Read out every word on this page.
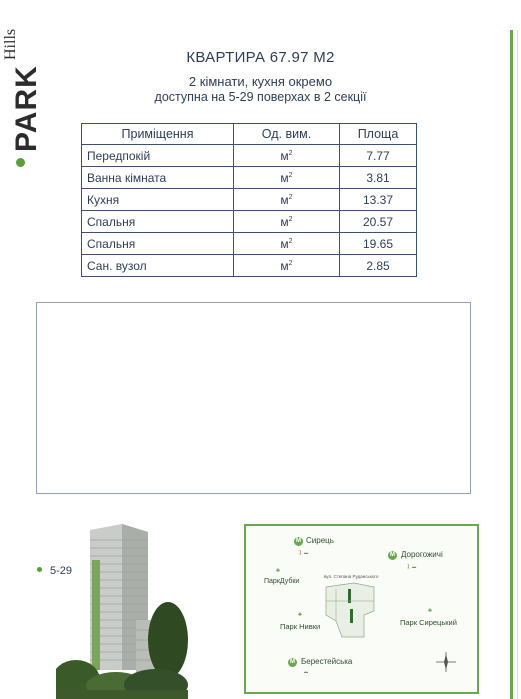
Hills
PARK
КВАРТИРА 67.97 М2
2 кімнати, кухня окремо
доступна на 5-29 поверхах в 2 секції
Приміщення	Од. вим.	Площа
Передпокій	$м^2$	7.77
Ванна кімната	$м^2$	3.81
Кухня	$м^2$	13.37
Спальня	$м^2$	20.57
Спальня	$м^2$	19.65
Сан. вузол	$м^2$	2.85
5-29
М Сирець
🚶 ▬	М Дорогожичі
🚶 ▬
♣
ПаркДубки
вул. Степана Руданського
♣
Парк Нивки
♣
Парк Сирецький
М Берестейська
▬
